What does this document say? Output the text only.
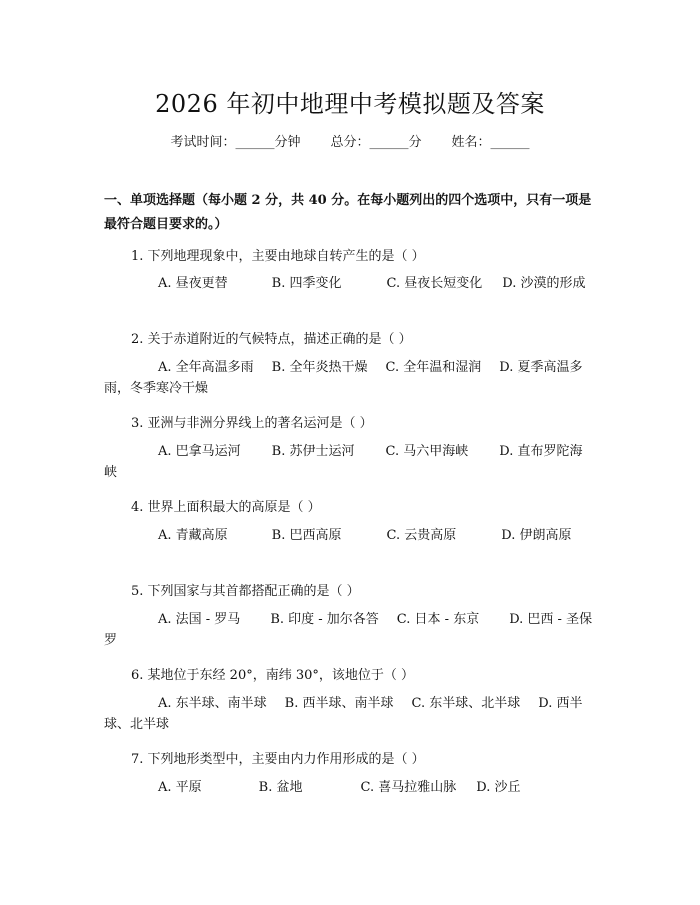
2026 年初中地理中考模拟题及答案
考试时间：______分钟 总分：______分 姓名：______
一、单项选择题（每小题 2 分，共 40 分。在每小题列出的四个选项中，只有一项是最符合题目要求的。）
1. 下列地理现象中，主要由地球自转产生的是（ ）
A. 昼夜更替	B. 四季变化	C. 昼夜长短变化 D. 沙漠的形成
2. 关于赤道附近的气候特点，描述正确的是（ ）
A. 全年高温多雨 B. 全年炎热干燥 C. 全年温和湿润 D. 夏季高温多雨，冬季寒冷干燥
3. 亚洲与非洲分界线上的著名运河是（ ）
A. 巴拿马运河 B. 苏伊士运河 C. 马六甲海峡 D. 直布罗陀海峡
4. 世界上面积最大的高原是（ ）
A. 青藏高原	B. 巴西高原	C. 云贵高原	D. 伊朗高原
5. 下列国家与其首都搭配正确的是（ ）
A. 法国 - 罗马 B. 印度 - 加尔各答 C. 日本 - 东京 D. 巴西 - 圣保罗
6. 某地位于东经 20°，南纬 30°，该地位于（ ）
A. 东半球、南半球 B. 西半球、南半球 C. 东半球、北半球 D. 西半球、北半球
7. 下列地形类型中，主要由内力作用形成的是（ ）
A. 平原	B. 盆地	C. 喜马拉雅山脉 D. 沙丘
